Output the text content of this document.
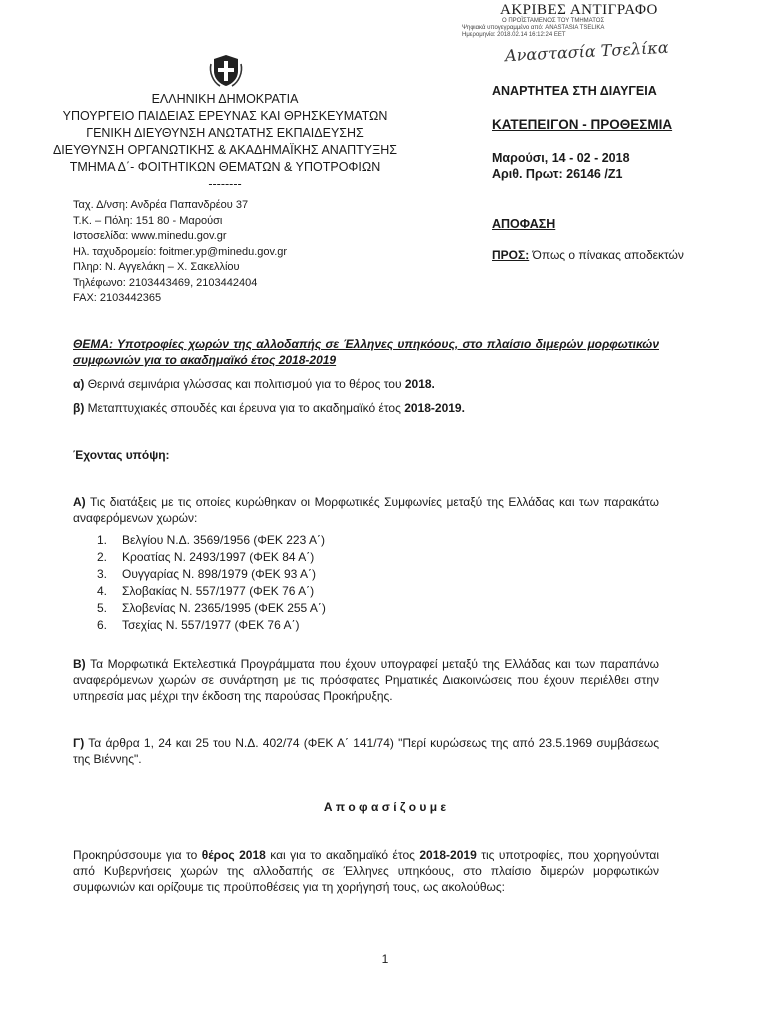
ΑΚΡΙΒΕΣ ΑΝΤΙΓΡΑΦΟ
Ο ΠΡΟΪΣΤΑΜΕΝΟΣ ΤΟΥ ΤΜΗΜΑΤΟΣ
Ψηφιακά υπογεγραμμένο από: ANASTASIA TSELIKA
Ημερομηνία: 2018.02.14 16:12:24 EET
Αναστασία Τσελίκα
ΕΛΛΗΝΙΚΗ ΔΗΜΟΚΡΑΤΙΑ
ΥΠΟΥΡΓΕΙΟ ΠΑΙΔΕΙΑΣ ΕΡΕΥΝΑΣ ΚΑΙ ΘΡΗΣΚΕΥΜΑΤΩΝ
ΓΕΝΙΚΗ ΔΙΕΥΘΥΝΣΗ ΑΝΩΤΑΤΗΣ ΕΚΠΑΙΔΕΥΣΗΣ
ΔΙΕΥΘΥΝΣΗ ΟΡΓΑΝΩΤΙΚΗΣ & ΑΚΑΔΗΜΑΪΚΗΣ ΑΝΑΠΤΥΞΗΣ
ΤΜΗΜΑ Δ΄- ΦΟΙΤΗΤΙΚΩΝ ΘΕΜΑΤΩΝ & ΥΠΟΤΡΟΦΙΩΝ
--------
Ταχ. Δ/νση: Ανδρέα Παπανδρέου 37
Τ.Κ. – Πόλη: 151 80 - Μαρούσι
Ιστοσελίδα: www.minedu.gov.gr
Ηλ. ταχυδρομείο: foitmer.yp@minedu.gov.gr
Πληρ: Ν. Αγγελάκη – Χ. Σακελλίου
Τηλέφωνο: 2103443469, 2103442404
FAX: 2103442365
ΑΝΑΡΤΗΤΕΑ ΣΤΗ ΔΙΑΥΓΕΙΑ
ΚΑΤΕΠΕΙΓΟΝ - ΠΡΟΘΕΣΜΙΑ
Μαρούσι, 14 - 02 - 2018
Αριθ. Πρωτ: 26146 /Ζ1
ΑΠΟΦΑΣΗ
ΠΡΟΣ: Όπως ο πίνακας αποδεκτών
ΘΕΜΑ: Υποτροφίες χωρών της αλλοδαπής σε Έλληνες υπηκόους, στο πλαίσιο διμερών μορφωτικών συμφωνιών για το ακαδημαϊκό έτος 2018-2019
α) Θερινά σεμινάρια γλώσσας και πολιτισμού για το θέρος του 2018.
β) Μεταπτυχιακές σπουδές και έρευνα για το ακαδημαϊκό έτος 2018-2019.
Έχοντας υπόψη:
Α) Τις διατάξεις με τις οποίες κυρώθηκαν οι Μορφωτικές Συμφωνίες μεταξύ της Ελλάδας και των παρακάτω αναφερόμενων χωρών:
1. Βελγίου Ν.Δ. 3569/1956 (ΦΕΚ 223 Α΄)
2. Κροατίας Ν. 2493/1997 (ΦΕΚ 84 Α΄)
3. Ουγγαρίας Ν. 898/1979 (ΦΕΚ 93 Α΄)
4. Σλοβακίας Ν. 557/1977 (ΦΕΚ 76 Α΄)
5. Σλοβενίας Ν. 2365/1995 (ΦΕΚ 255 Α΄)
6. Τσεχίας Ν. 557/1977 (ΦΕΚ 76 Α΄)
Β) Τα Μορφωτικά Εκτελεστικά Προγράμματα που έχουν υπογραφεί μεταξύ της Ελλάδας και των παραπάνω αναφερόμενων χωρών σε συνάρτηση με τις πρόσφατες Ρηματικές Διακοινώσεις που έχουν περιέλθει στην υπηρεσία μας μέχρι την έκδοση της παρούσας Προκήρυξης.
Γ) Τα άρθρα 1, 24 και 25 του Ν.Δ. 402/74 (ΦΕΚ Α΄ 141/74) "Περί κυρώσεως της από 23.5.1969 συμβάσεως της Βιέννης".
Α π ο φ α σ ί ζ ο υ μ ε
Προκηρύσσουμε για το θέρος 2018 και για το ακαδημαϊκό έτος 2018-2019 τις υποτροφίες, που χορηγούνται από Κυβερνήσεις χωρών της αλλοδαπής σε Έλληνες υπηκόους, στο πλαίσιο διμερών μορφωτικών συμφωνιών και ορίζουμε τις προϋποθέσεις για τη χορήγησή τους, ως ακολούθως:
1
